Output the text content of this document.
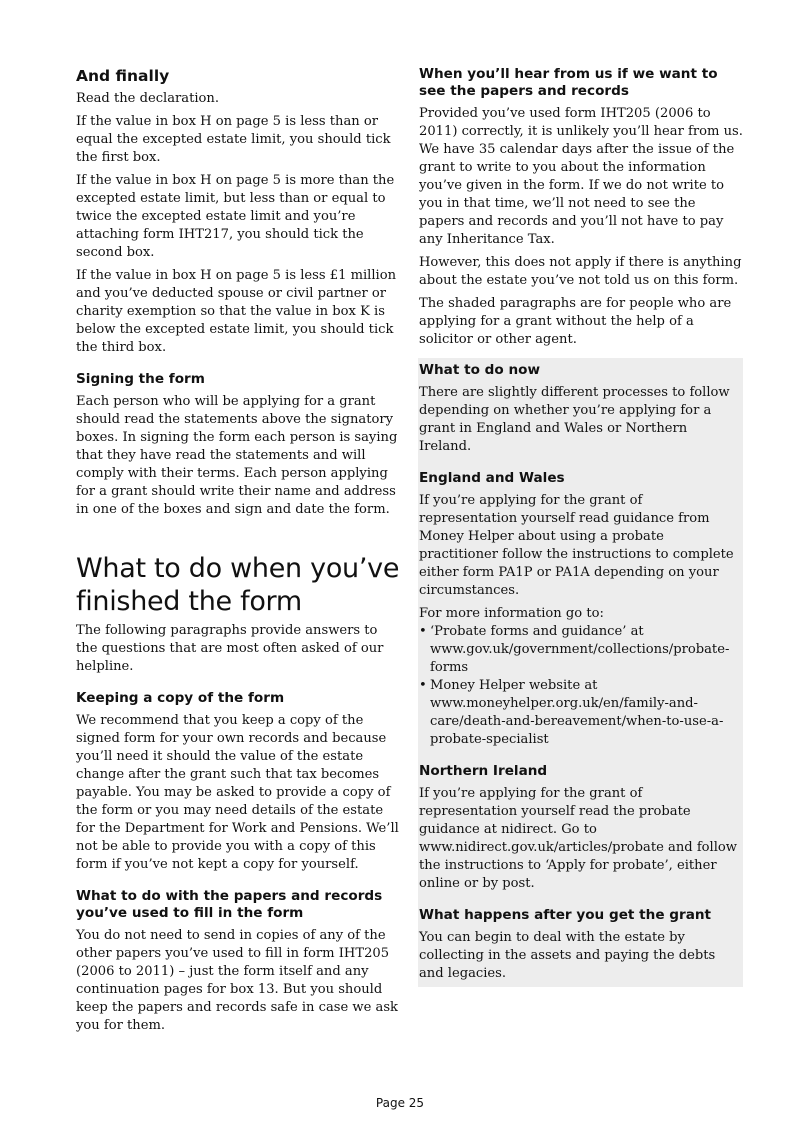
And finally

Read the declaration.

If the value in box H on page 5 is less than or equal the excepted estate limit, you should tick the first box.

If the value in box H on page 5 is more than the excepted estate limit, but less than or equal to twice the excepted estate limit and you’re attaching form IHT217, you should tick the second box.

If the value in box H on page 5 is less £1 million and you’ve deducted spouse or civil partner or charity exemption so that the value in box K is below the excepted estate limit, you should tick the third box.

Signing the form

Each person who will be applying for a grant should read the statements above the signatory boxes. In signing the form each person is saying that they have read the statements and will comply with their terms. Each person applying for a grant should write their name and address in one of the boxes and sign and date the form.

What to do when you’ve finished the form

The following paragraphs provide answers to the questions that are most often asked of our helpline.

Keeping a copy of the form

We recommend that you keep a copy of the signed form for your own records and because you’ll need it should the value of the estate change after the grant such that tax becomes payable. You may be asked to provide a copy of the form or you may need details of the estate for the Department for Work and Pensions. We’ll not be able to provide you with a copy of this form if you’ve not kept a copy for yourself.

What to do with the papers and records you’ve used to fill in the form

You do not need to send in copies of any of the other papers you’ve used to fill in form IHT205 (2006 to 2011) – just the form itself and any continuation pages for box 13. But you should keep the papers and records safe in case we ask you for them.

When you’ll hear from us if we want to see the papers and records

Provided you’ve used form IHT205 (2006 to 2011) correctly, it is unlikely you’ll hear from us. We have 35 calendar days after the issue of the grant to write to you about the information you’ve given in the form. If we do not write to you in that time, we’ll not need to see the papers and records and you’ll not have to pay any Inheritance Tax.

However, this does not apply if there is anything about the estate you’ve not told us on this form.

The shaded paragraphs are for people who are applying for a grant without the help of a solicitor or other agent.

What to do now

There are slightly different processes to follow depending on whether you’re applying for a grant in England and Wales or Northern Ireland.

England and Wales

If you’re applying for the grant of representation yourself read guidance from Money Helper about using a probate practitioner follow the instructions to complete either form PA1P or PA1A depending on your circumstances.

For more information go to:

• ‘Probate forms and guidance’ at www.gov.uk/government/collections/probate-forms
• Money Helper website at www.moneyhelper.org.uk/en/family-and-care/death-and-bereavement/when-to-use-a-probate-specialist
Northern Ireland

If you’re applying for the grant of representation yourself read the probate guidance at nidirect. Go to www.nidirect.gov.uk/articles/probate and follow the instructions to ‘Apply for probate’, either online or by post.

What happens after you get the grant

You can begin to deal with the estate by collecting in the assets and paying the debts and legacies.

Page 25
